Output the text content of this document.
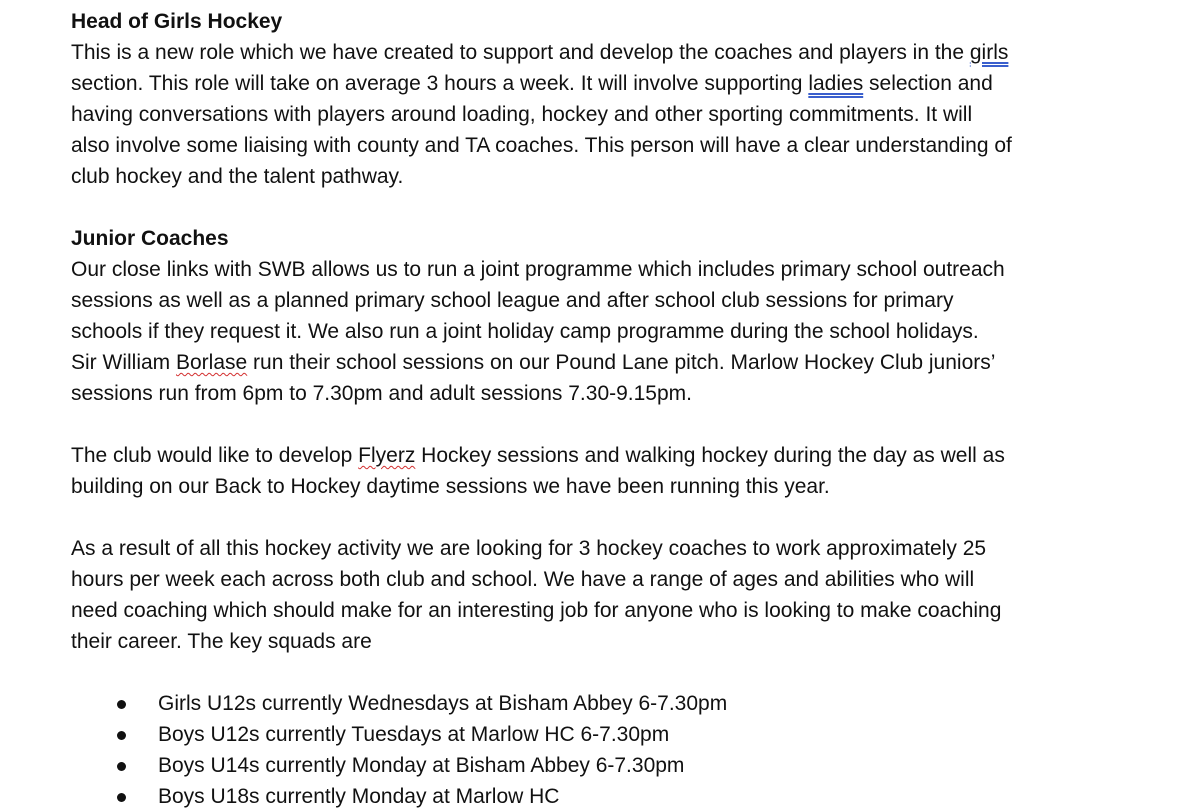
Head of Girls Hockey

This is a new role which we have created to support and develop the coaches and players in the girls
section. This role will take on average 3 hours a week. It will involve supporting ladies selection and
having conversations with players around loading, hockey and other sporting commitments. It will
also involve some liaising with county and TA coaches. This person will have a clear understanding of
club hockey and the talent pathway.

Junior Coaches

Our close links with SWB allows us to run a joint programme which includes primary school outreach
sessions as well as a planned primary school league and after school club sessions for primary
schools if they request it. We also run a joint holiday camp programme during the school holidays.
Sir William Borlase run their school sessions on our Pound Lane pitch. Marlow Hockey Club juniors’
sessions run from 6pm to 7.30pm and adult sessions 7.30-9.15pm.
The club would like to develop Flyerz Hockey sessions and walking hockey during the day as well as
building on our Back to Hockey daytime sessions we have been running this year.
As a result of all this hockey activity we are looking for 3 hockey coaches to work approximately 25
hours per week each across both club and school. We have a range of ages and abilities who will
need coaching which should make for an interesting job for anyone who is looking to make coaching
their career. The key squads are
Girls U12s currently Wednesdays at Bisham Abbey 6-7.30pm
Boys U12s currently Tuesdays at Marlow HC 6-7.30pm
Boys U14s currently Monday at Bisham Abbey 6-7.30pm
Boys U18s currently Monday at Marlow HC
